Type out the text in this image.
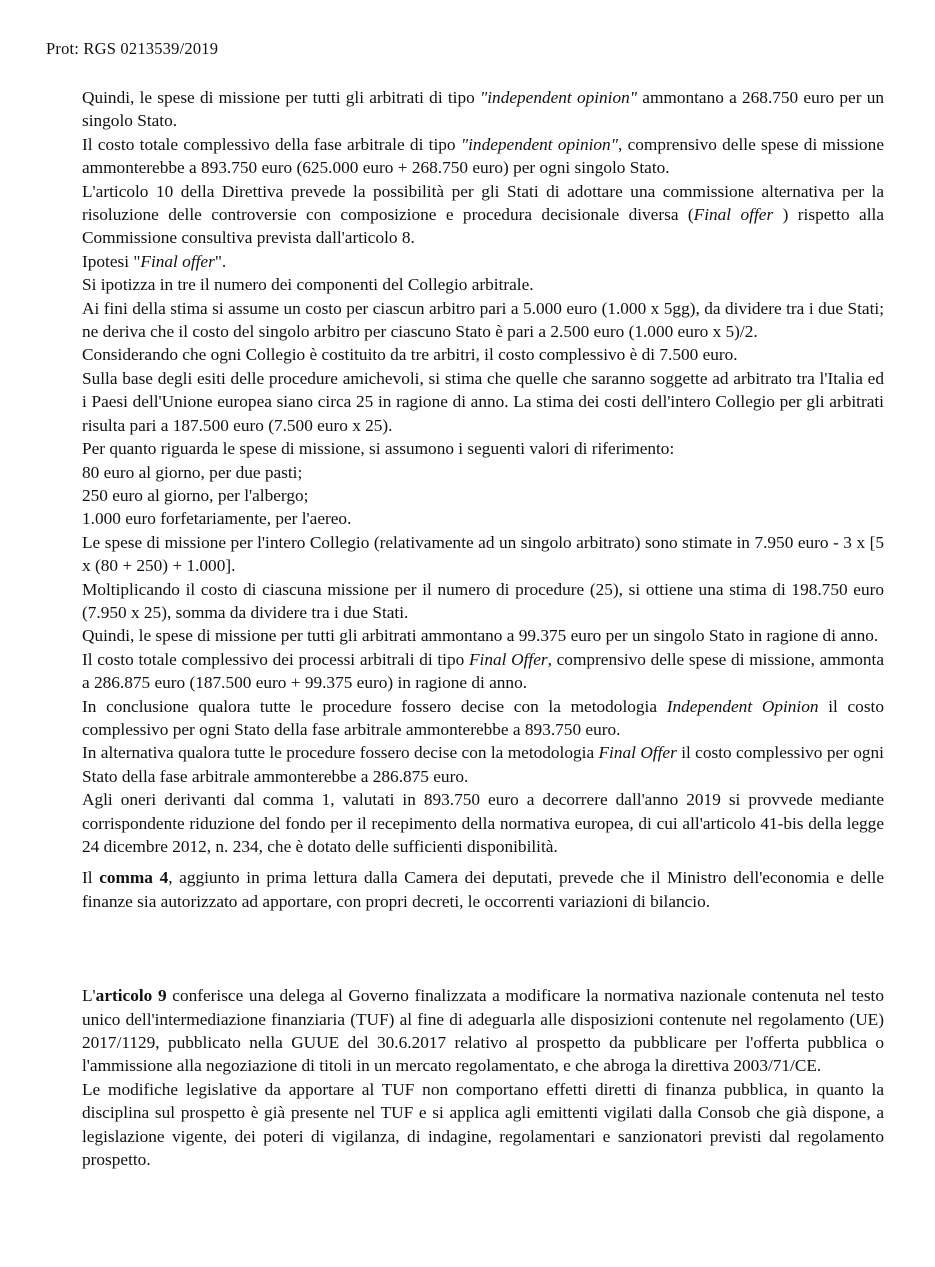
Prot: RGS 0213539/2019

Quindi, le spese di missione per tutti gli arbitrati di tipo "independent opinion" ammontano a 268.750 euro per un singolo Stato.

Il costo totale complessivo della fase arbitrale di tipo "independent opinion", comprensivo delle spese di missione ammonterebbe a 893.750 euro (625.000 euro + 268.750 euro) per ogni singolo Stato.

L'articolo 10 della Direttiva prevede la possibilità per gli Stati di adottare una commissione alternativa per la risoluzione delle controversie con composizione e procedura decisionale diversa (Final offer ) rispetto alla Commissione consultiva prevista dall'articolo 8.

Ipotesi "Final offer".

Si ipotizza in tre il numero dei componenti del Collegio arbitrale.

Ai fini della stima si assume un costo per ciascun arbitro pari a 5.000 euro (1.000 x 5gg), da dividere tra i due Stati; ne deriva che il costo del singolo arbitro per ciascuno Stato è pari a 2.500 euro (1.000 euro x 5)/2.

Considerando che ogni Collegio è costituito da tre arbitri, il costo complessivo è di 7.500 euro.

Sulla base degli esiti delle procedure amichevoli, si stima che quelle che saranno soggette ad arbitrato tra l'Italia ed i Paesi dell'Unione europea siano circa 25 in ragione di anno. La stima dei costi dell'intero Collegio per gli arbitrati risulta pari a 187.500 euro (7.500 euro x 25).

Per quanto riguarda le spese di missione, si assumono i seguenti valori di riferimento:

80 euro al giorno, per due pasti;

250 euro al giorno, per l'albergo;

1.000 euro forfetariamente, per l'aereo.

Le spese di missione per l'intero Collegio (relativamente ad un singolo arbitrato) sono stimate in 7.950 euro - 3 x [5 x (80 + 250) + 1.000].

Moltiplicando il costo di ciascuna missione per il numero di procedure (25), si ottiene una stima di 198.750 euro (7.950 x 25), somma da dividere tra i due Stati.

Quindi, le spese di missione per tutti gli arbitrati ammontano a 99.375 euro per un singolo Stato in ragione di anno.

Il costo totale complessivo dei processi arbitrali di tipo Final Offer, comprensivo delle spese di missione, ammonta a 286.875 euro (187.500 euro + 99.375 euro) in ragione di anno.

In conclusione qualora tutte le procedure fossero decise con la metodologia Independent Opinion il costo complessivo per ogni Stato della fase arbitrale ammonterebbe a 893.750 euro.

In alternativa qualora tutte le procedure fossero decise con la metodologia Final Offer il costo complessivo per ogni Stato della fase arbitrale ammonterebbe a 286.875 euro.

Agli oneri derivanti dal comma 1, valutati in 893.750 euro a decorrere dall'anno 2019 si provvede mediante corrispondente riduzione del fondo per il recepimento della normativa europea, di cui all'articolo 41-bis della legge 24 dicembre 2012, n. 234, che è dotato delle sufficienti disponibilità.

Il comma 4, aggiunto in prima lettura dalla Camera dei deputati, prevede che il Ministro dell'economia e delle finanze sia autorizzato ad apportare, con propri decreti, le occorrenti variazioni di bilancio.

L'articolo 9 conferisce una delega al Governo finalizzata a modificare la normativa nazionale contenuta nel testo unico dell'intermediazione finanziaria (TUF) al fine di adeguarla alle disposizioni contenute nel regolamento (UE) 2017/1129, pubblicato nella GUUE del 30.6.2017 relativo al prospetto da pubblicare per l'offerta pubblica o l'ammissione alla negoziazione di titoli in un mercato regolamentato, e che abroga la direttiva 2003/71/CE.

Le modifiche legislative da apportare al TUF non comportano effetti diretti di finanza pubblica, in quanto la disciplina sul prospetto è già presente nel TUF e si applica agli emittenti vigilati dalla Consob che già dispone, a legislazione vigente, dei poteri di vigilanza, di indagine, regolamentari e sanzionatori previsti dal regolamento prospetto.
